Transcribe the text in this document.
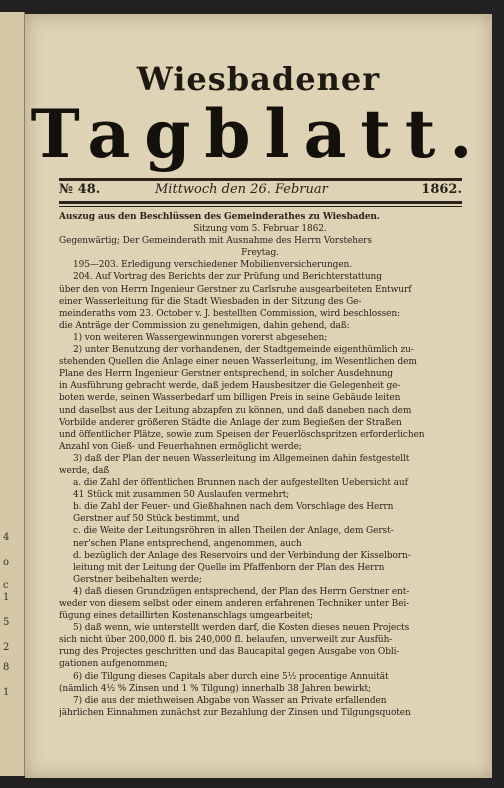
4
o
c
1
5
2
8
1
Wiesbadener
Tagblatt.
№ 48.	Mittwoch den 26. Februar	1862.
Auszug aus den Beschlüssen des Gemeinderathes zu Wiesbaden.
Sitzung vom 5. Februar 1862.
Gegenwärtig; Der Gemeinderath mit Ausnahme des Herrn Vorstehers
Freytag.
195—203. Erledigung verschiedener Mobilienversicherungen.
204. Auf Vortrag des Berichts der zur Prüfung und Berichterstattung
über den von Herrn Ingenieur Gerstner zu Carlsruhe ausgearbeiteten Entwurf
einer Wasserleitung für die Stadt Wiesbaden in der Sitzung des Ge-
meinderaths vom 23. October v. J. bestellten Commission, wird beschlossen:
die Anträge der Commission zu genehmigen, dahin gehend, daß:
1) von weiteren Wassergewinnungen vorerst abgesehen;
2) unter Benutzung der vorhandenen, der Stadtgemeinde eigenthümlich zu-
stehenden Quellen die Anlage einer neuen Wasserleitung, im Wesentlichen dem
Plane des Herrn Ingenieur Gerstner entsprechend, in solcher Ausdehnung
in Ausführung gebracht werde, daß jedem Hausbesitzer die Gelegenheit ge-
boten werde, seinen Wasserbedarf um billigen Preis in seine Gebäude leiten
und daselbst aus der Leitung abzapfen zu können, und daß daneben nach dem
Vorbilde anderer größeren Städte die Anlage der zum Begießen der Straßen
und öffentlicher Plätze, sowie zum Speisen der Feuerlöschspritzen erforderlichen
Anzahl von Gieß- und Feuerhahnen ermöglicht werde;
3) daß der Plan der neuen Wasserleitung im Allgemeinen dahin festgestellt
werde, daß
a. die Zahl der öffentlichen Brunnen nach der aufgestellten Uebersicht auf
41 Stück mit zusammen 50 Auslaufen vermehrt;
b. die Zahl der Feuer- und Gießhahnen nach dem Vorschlage des Herrn
Gerstner auf 50 Stück bestimmt, und
c. die Weite der Leitungsröhren in allen Theilen der Anlage, dem Gerst-
ner'schen Plane entsprechend, angenommen, auch
d. bezüglich der Anlage des Reservoirs und der Verbindung der Kisselborn-
leitung mit der Leitung der Quelle im Pfaffenborn der Plan des Herrn
Gerstner beibehalten werde;
4) daß diesen Grundzügen entsprechend, der Plan des Herrn Gerstner ent-
weder von diesem selbst oder einem anderen erfahrenen Techniker unter Bei-
fügung eines detaillirten Kostenanschlags umgearbeitet;
5) daß wenn, wie unterstellt werden darf, die Kosten dieses neuen Projects
sich nicht über 200,000 fl. bis 240,000 fl. belaufen, unverweilt zur Ausfüh-
rung des Projectes geschritten und das Baucapital gegen Ausgabe von Obli-
gationen aufgenommen;
6) die Tilgung dieses Capitals aber durch eine 5½ procentige Annuität
(nämlich 4½ % Zinsen und 1 % Tilgung) innerhalb 38 Jahren bewirkt;
7) die aus der miethweisen Abgabe von Wasser an Private erfallenden
jährlichen Einnahmen zunächst zur Bezahlung der Zinsen und Tilgungsquoten
